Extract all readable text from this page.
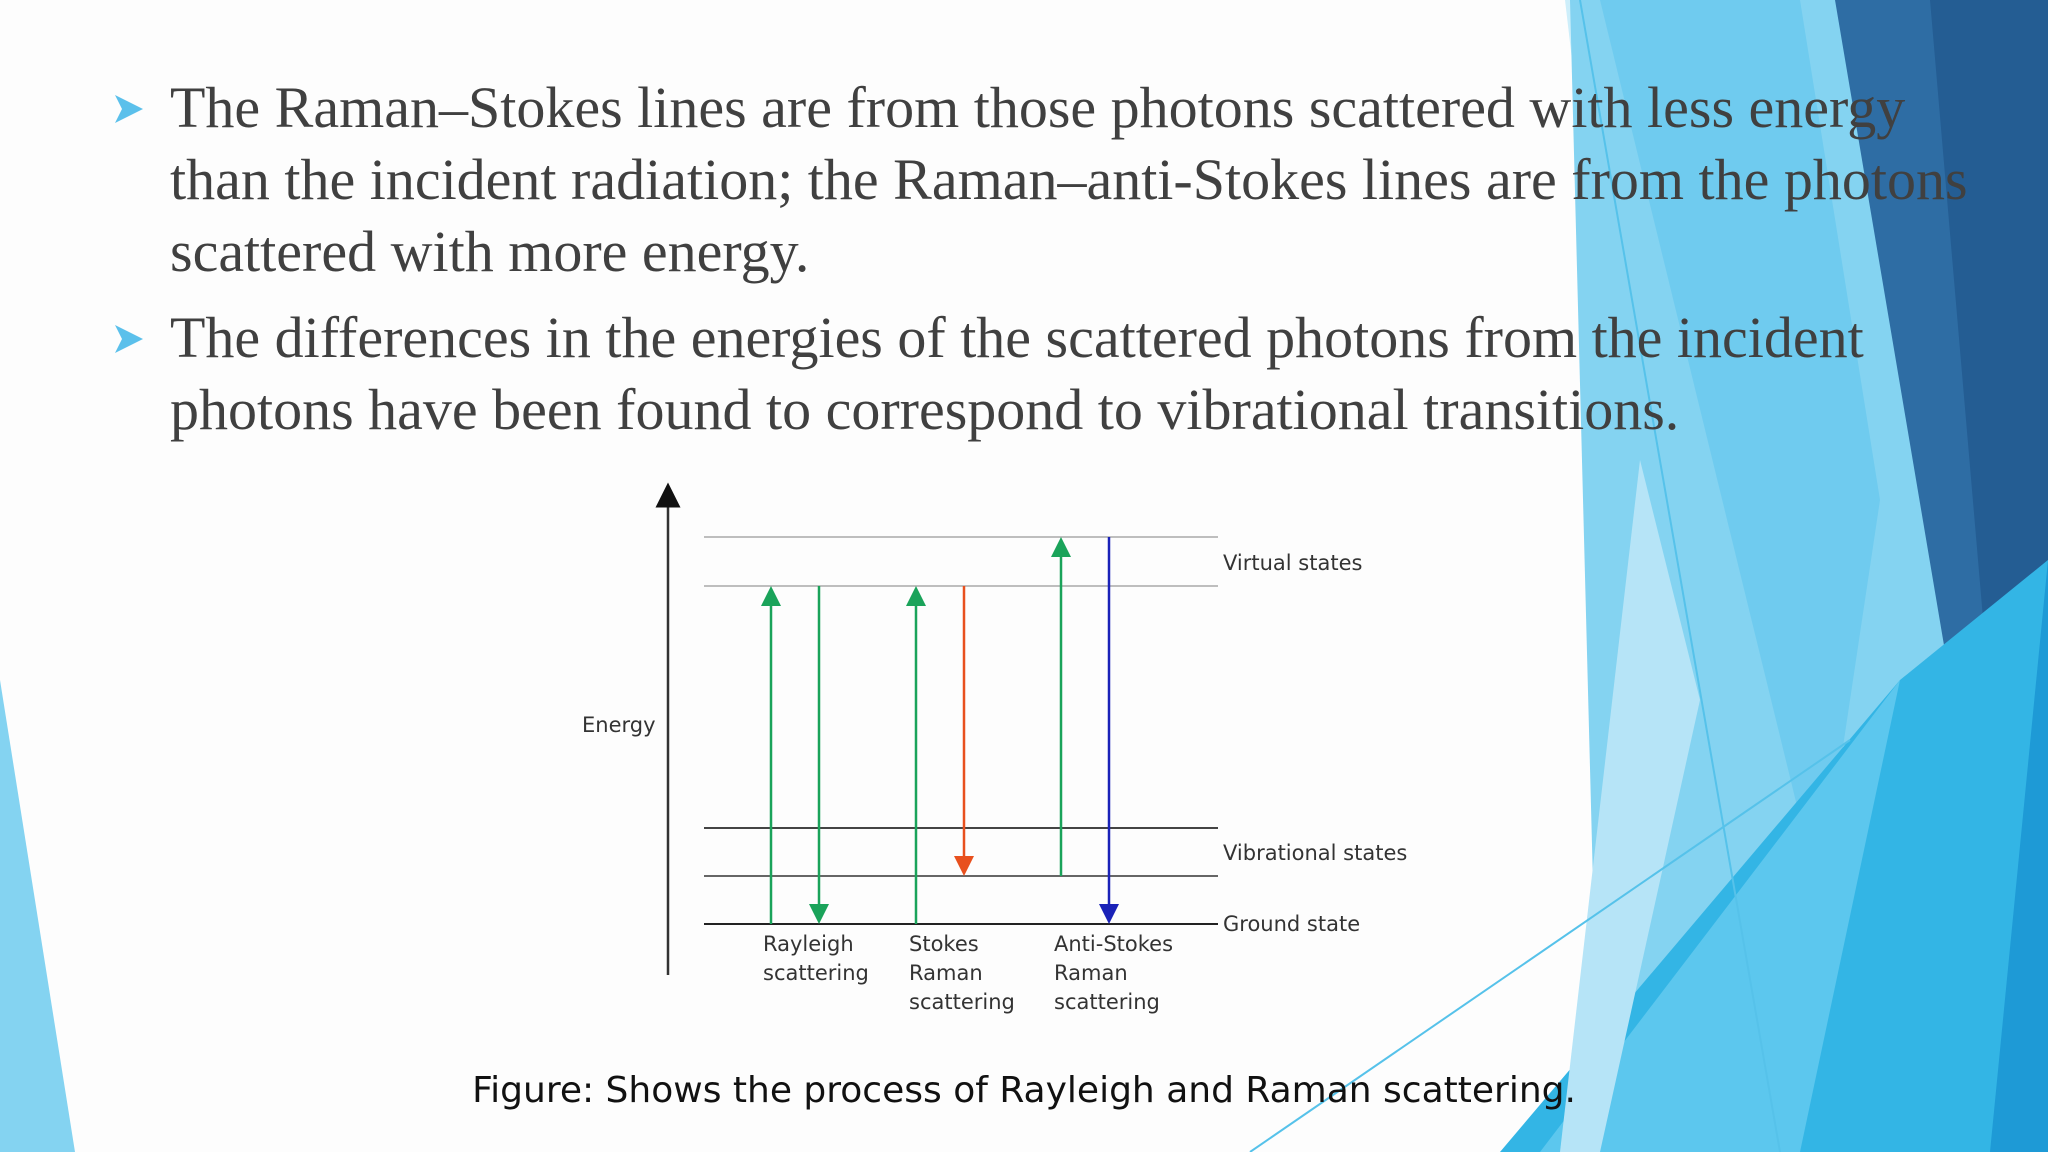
The Raman–Stokes lines are from those photons scattered with less energy
than the incident radiation; the Raman–anti-Stokes lines are from the photons
scattered with more energy.
The differences in the energies of the scattered photons from the incident
photons have been found to correspond to vibrational transitions.
Energy
Virtual states
Vibrational states
Ground state
Rayleigh
scattering
Stokes
Raman
scattering
Anti-Stokes
Raman
scattering
Figure: Shows the process of Rayleigh and Raman scattering.
